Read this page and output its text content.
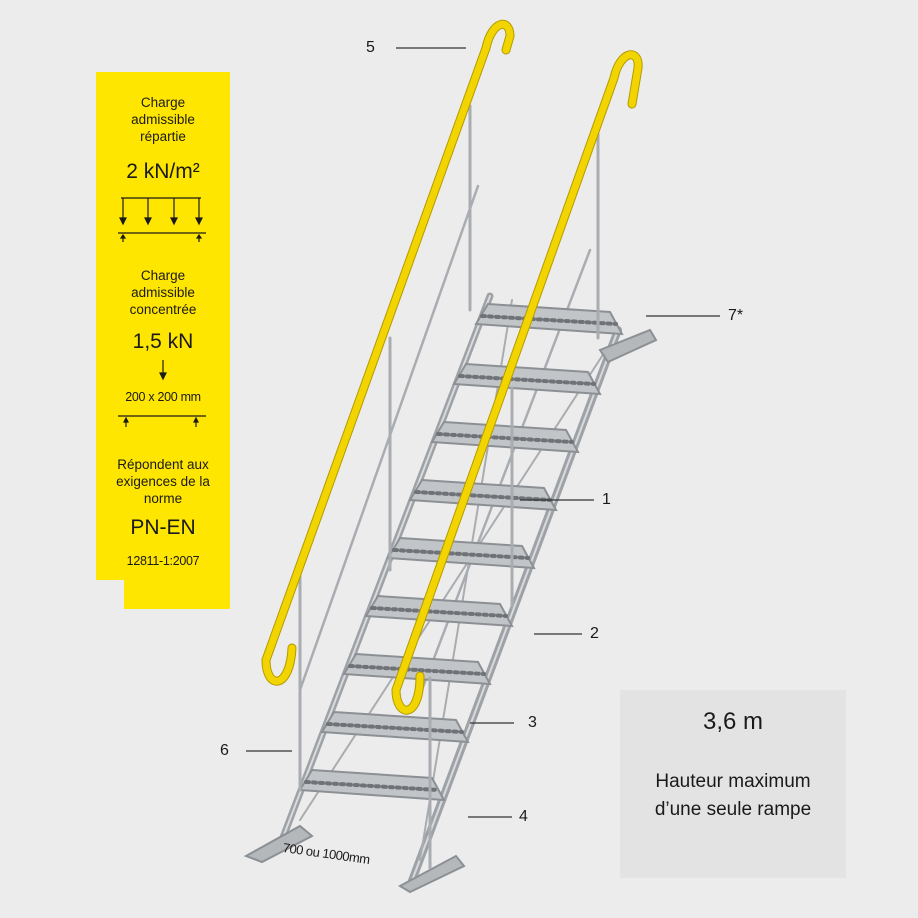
Charge
admissible
répartie
2 kN/m²
Charge
admissible
concentrée
1,5 kN
200 x 200 mm
Répondent aux
exigences de la
norme
PN-EN
12811-1:2007
5
7*
1
2
3
4
6
700 ou 1000mm
3,6 m
Hauteur maximum
d’une seule rampe
